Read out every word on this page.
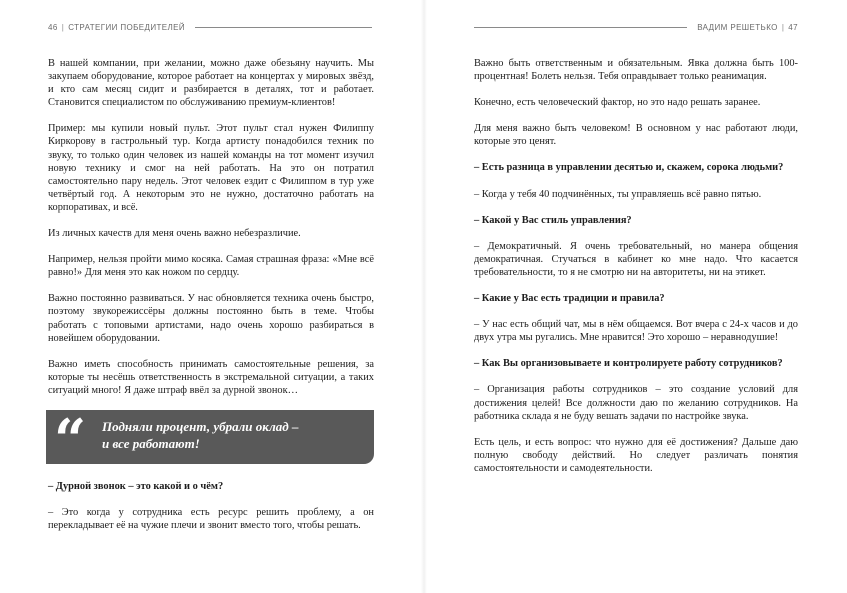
46 | СТРАТЕГИИ ПОБЕДИТЕЛЕЙ

В нашей компании, при желании, можно даже обезьяну научить. Мы закупаем оборудование, которое работает на концертах у мировых звёзд, и кто сам месяц сидит и разбирается в деталях, тот и работает. Становится специалистом по обслуживанию премиум-клиентов!

Пример: мы купили новый пульт. Этот пульт стал нужен Филиппу Киркорову в гастрольный тур. Когда артисту понадобился техник по звуку, то только один человек из нашей команды на тот момент изучил новую технику и смог на ней работать. На это он потратил самостоятельно пару недель. Этот человек ездит с Филиппом в тур уже четвёртый год. А некоторым это не нужно, достаточно работать на корпоративах, и всё.

Из личных качеств для меня очень важно небезразличие.

Например, нельзя пройти мимо косяка. Самая страшная фраза: «Мне всё равно!» Для меня это как ножом по сердцу.

Важно постоянно развиваться. У нас обновляется техника очень быстро, поэтому звукорежиссёры должны постоянно быть в теме. Чтобы работать с топовыми артистами, надо очень хорошо разбираться в новейшем оборудовании.

Важно иметь способность принимать самостоятельные решения, за которые ты несёшь ответственность в экстремальной ситуации, а таких ситуаций много! Я даже штраф ввёл за дурной звонок…

“ Подняли процент, убрали оклад –
и все работают!

– Дурной звонок – это какой и о чём?

– Это когда у сотрудника есть ресурс решить проблему, а он перекладывает её на чужие плечи и звонит вместо того, чтобы решать.

ВАДИМ РЕШЕТЬКО | 47

Важно быть ответственным и обязательным. Явка должна быть 100-процентная! Болеть нельзя. Тебя оправдывает только реанимация.

Конечно, есть человеческий фактор, но это надо решать заранее.

Для меня важно быть человеком! В основном у нас работают люди, которые это ценят.

– Есть разница в управлении десятью и, скажем, сорока людьми?

– Когда у тебя 40 подчинённых, ты управляешь всё равно пятью.

– Какой у Вас стиль управления?

– Демократичный. Я очень требовательный, но манера общения демократичная. Стучаться в кабинет ко мне надо. Что касается требовательности, то я не смотрю ни на авторитеты, ни на этикет.

– Какие у Вас есть традиции и правила?

– У нас есть общий чат, мы в нём общаемся. Вот вчера с 24-х часов и до двух утра мы ругались. Мне нравится! Это хорошо – неравнодушие!

– Как Вы организовываете и контролируете работу сотрудников?

– Организация работы сотрудников – это создание условий для достижения целей! Все должности даю по желанию сотрудников. На работника склада я не буду вешать задачи по настройке звука.

Есть цель, и есть вопрос: что нужно для её достижения? Дальше даю полную свободу действий. Но следует различать понятия самостоятельности и самодеятельности.
